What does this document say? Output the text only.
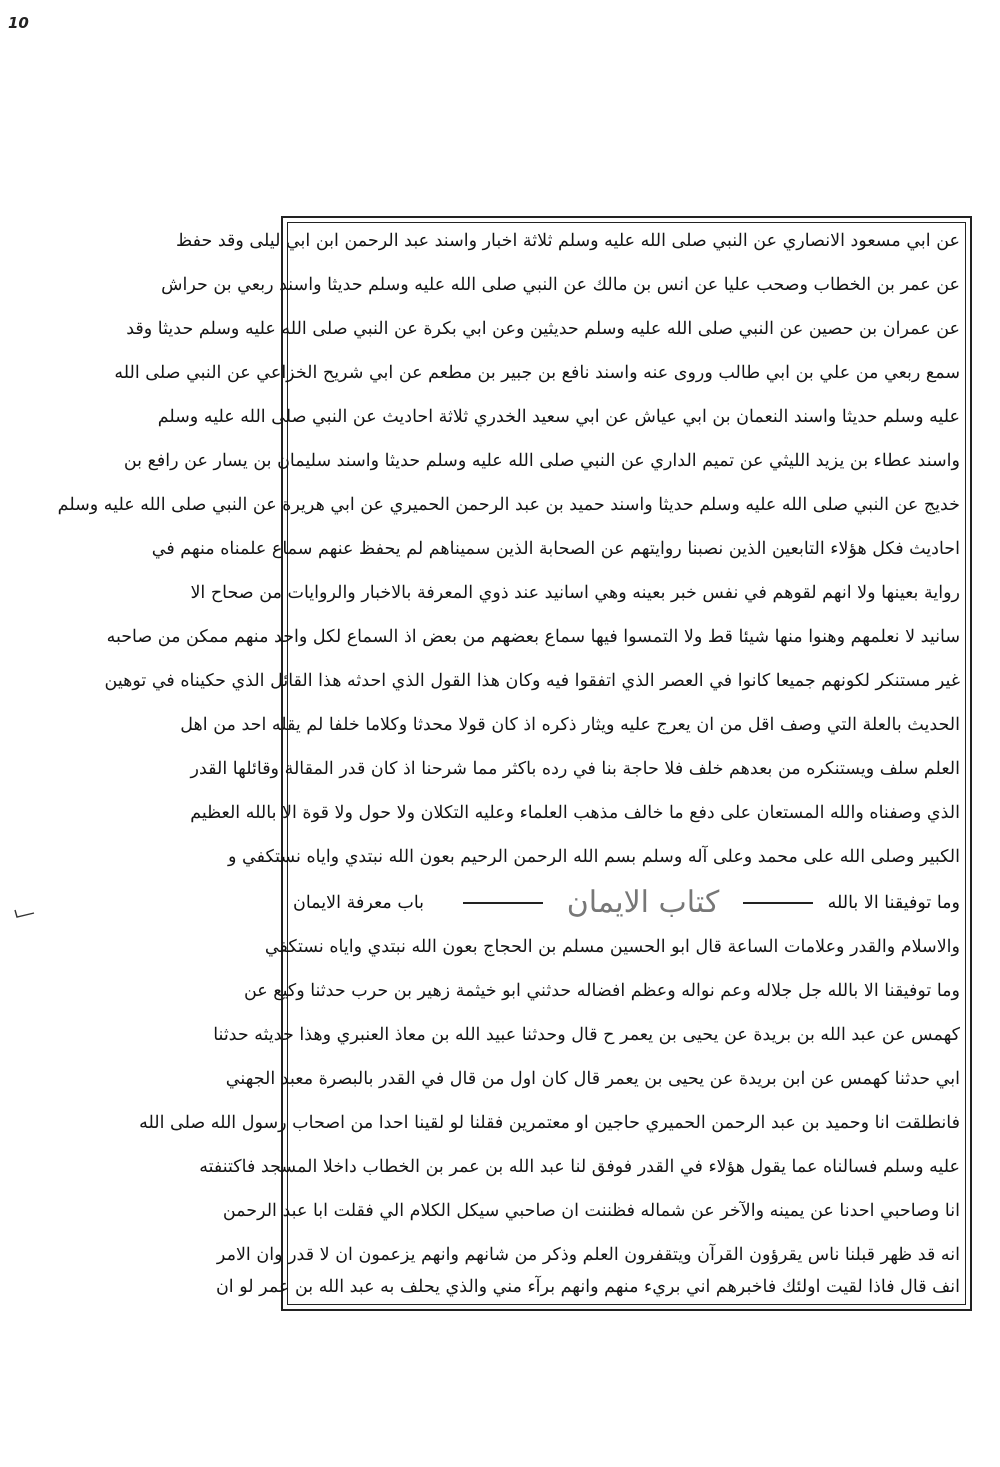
10
عن ابي مسعود الانصاري عن النبي صلى الله عليه وسلم ثلاثة اخبار واسند عبد الرحمن ابن ابي ليلى وقد حفظ
عن عمر بن الخطاب وصحب عليا عن انس بن مالك عن النبي صلى الله عليه وسلم حديثا واسند ربعي بن حراش
عن عمران بن حصين عن النبي صلى الله عليه وسلم حديثين وعن ابي بكرة عن النبي صلى الله عليه وسلم حديثا وقد
سمع ربعي من علي بن ابي طالب وروى عنه واسند نافع بن جبير بن مطعم عن ابي شريح الخزاعي عن النبي صلى الله
عليه وسلم حديثا واسند النعمان بن ابي عياش عن ابي سعيد الخدري ثلاثة احاديث عن النبي صلى الله عليه وسلم
واسند عطاء بن يزيد الليثي عن تميم الداري عن النبي صلى الله عليه وسلم حديثا واسند سليمان بن يسار عن رافع بن
خديج عن النبي صلى الله عليه وسلم حديثا واسند حميد بن عبد الرحمن الحميري عن ابي هريرة عن النبي صلى الله عليه وسلم
احاديث فكل هؤلاء التابعين الذين نصبنا روايتهم عن الصحابة الذين سميناهم لم يحفظ عنهم سماع علمناه منهم في
رواية بعينها ولا انهم لقوهم في نفس خبر بعينه وهي اسانيد عند ذوي المعرفة بالاخبار والروايات من صحاح الا
سانيد لا نعلمهم وهنوا منها شيئا قط ولا التمسوا فيها سماع بعضهم من بعض اذ السماع لكل واحد منهم ممكن من صاحبه
غير مستنكر لكونهم جميعا كانوا في العصر الذي اتفقوا فيه وكان هذا القول الذي احدثه هذا القائل الذي حكيناه في توهين
الحديث بالعلة التي وصف اقل من ان يعرج عليه ويثار ذكره اذ كان قولا محدثا وكلاما خلفا لم يقله احد من اهل
العلم سلف ويستنكره من بعدهم خلف فلا حاجة بنا في رده باكثر مما شرحنا اذ كان قدر المقالة وقائلها القدر
الذي وصفناه والله المستعان على دفع ما خالف مذهب العلماء وعليه التكلان ولا حول ولا قوة الا بالله العظيم
الكبير وصلى الله على محمد وعلى آله وسلم بسم الله الرحمن الرحيم بعون الله نبتدي واياه نستكفي و
وما توفيقنا الا بالله
كتاب الايمان
باب معرفة الايمان
والاسلام والقدر وعلامات الساعة قال ابو الحسين مسلم بن الحجاج بعون الله نبتدي واياه نستكفي
وما توفيقنا الا بالله جل جلاله وعم نواله وعظم افضاله حدثني ابو خيثمة زهير بن حرب حدثنا وكيع عن
كهمس عن عبد الله بن بريدة عن يحيى بن يعمر ح قال وحدثنا عبيد الله بن معاذ العنبري وهذا حديثه حدثنا
ابي حدثنا كهمس عن ابن بريدة عن يحيى بن يعمر قال كان اول من قال في القدر بالبصرة معبد الجهني
فانطلقت انا وحميد بن عبد الرحمن الحميري حاجين او معتمرين فقلنا لو لقينا احدا من اصحاب رسول الله صلى الله
عليه وسلم فسالناه عما يقول هؤلاء في القدر فوفق لنا عبد الله بن عمر بن الخطاب داخلا المسجد فاكتنفته
انا وصاحبي احدنا عن يمينه والآخر عن شماله فظننت ان صاحبي سيكل الكلام الي فقلت ابا عبد الرحمن
انه قد ظهر قبلنا ناس يقرؤون القرآن ويتقفرون العلم وذكر من شانهم وانهم يزعمون ان لا قدر وان الامر
انف قال فاذا لقيت اولئك فاخبرهم اني بريء منهم وانهم برآء مني والذي يحلف به عبد الله بن عمر لو ان
